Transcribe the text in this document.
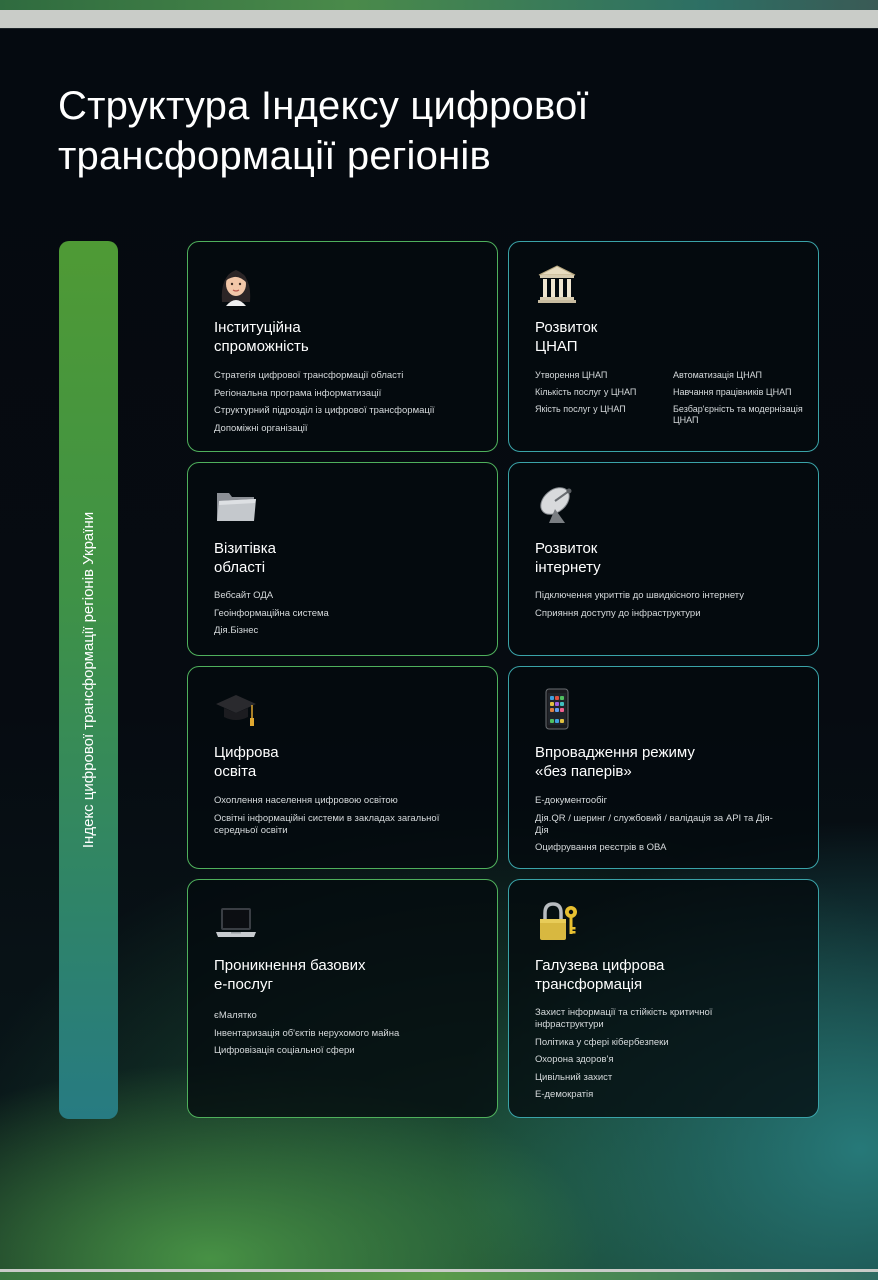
Структура Індексу цифрової трансформації регіонів
Індекс цифрової трансформації регіонів України
Інституційна
спроможність
Стратегія цифрової трансформації області
Регіональна програма інформатизації
Структурний підрозділ із цифрової трансформації
Допоміжні організації
Розвиток
ЦНАП
Утворення ЦНАП
Кількість послуг у ЦНАП
Якість послуг у ЦНАП
Автоматизація ЦНАП
Навчання працівників ЦНАП
Безбар'єрність та модернізація ЦНАП
Візитівка
області
Вебсайт ОДА
Геоінформаційна система
Дія.Бізнес
Розвиток
інтернету
Підключення укриттів до швидкісного інтернету
Сприяння доступу до інфраструктури
Цифрова
освіта
Охоплення населення цифровою освітою
Освітні інформаційні системи в закладах загальної середньої освіти
Впровадження режиму
«без паперів»
Е-документообіг
Дія.QR / шеринг / службовий / валідація за API та Дія-Дія
Оцифрування реєстрів в ОВА
Проникнення базових
е-послуг
єМалятко
Інвентаризація об'єктів нерухомого майна
Цифровізація соціальної сфери
Галузева цифрова
трансформація
Захист інформації та стійкість критичної інфраструктури
Політика у сфері кібербезпеки
Охорона здоров'я
Цивільний захист
Е-демократія
